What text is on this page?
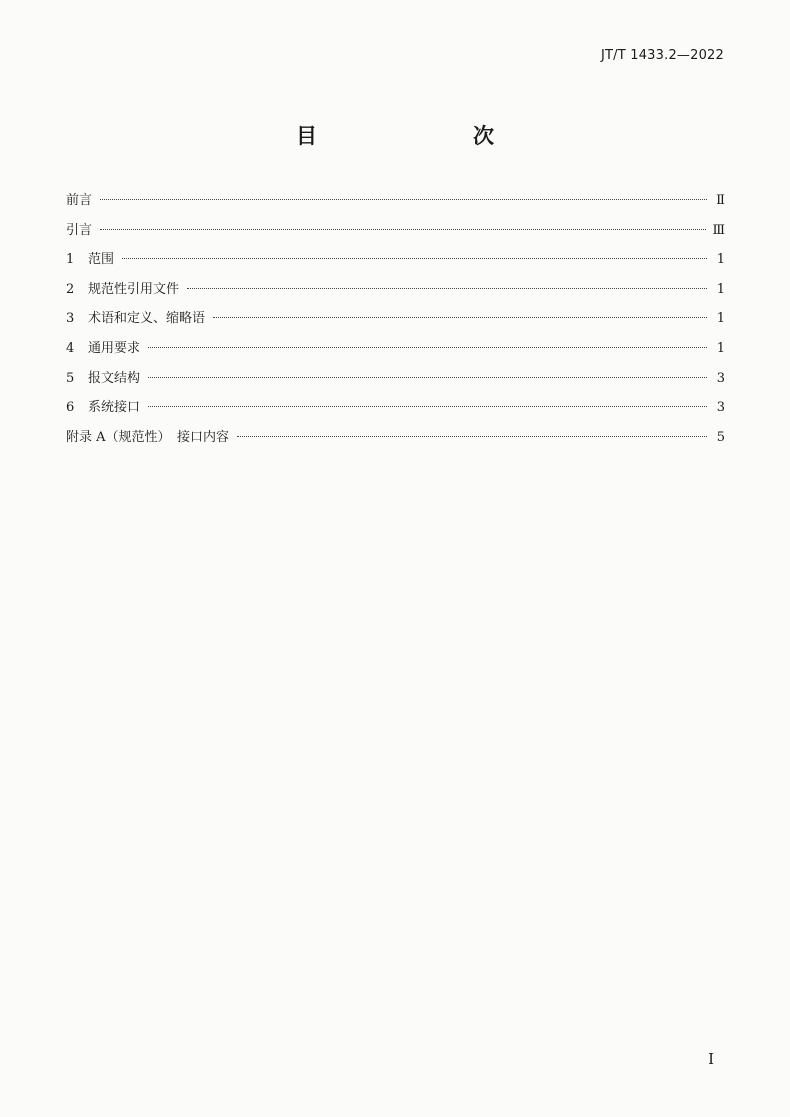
JT/T 1433.2—2022
目　　次
前言	Ⅱ
引言	Ⅲ
1	范围	1
2	规范性引用文件	1
3	术语和定义、缩略语	1
4	通用要求	1
5	报文结构	3
6	系统接口	3
附录 A（规范性）　接口内容	5
I
